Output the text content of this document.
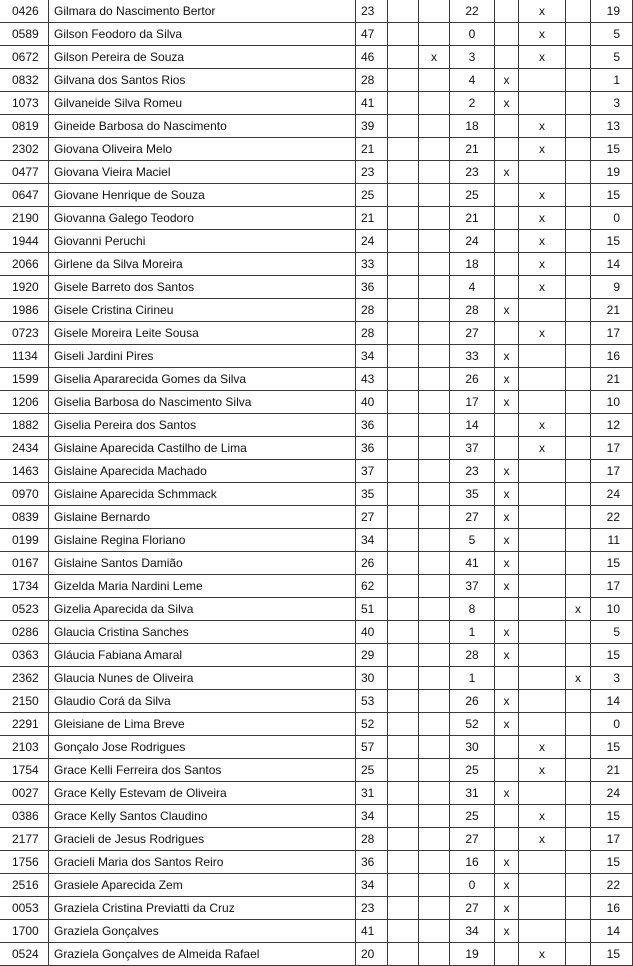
0426	Gilmara do Nascimento Bertor	23			22		x		19
0589	Gilson Feodoro da Silva	47			0		x		5
0672	Gilson Pereira de Souza	46		x	3		x		5
0832	Gilvana dos Santos Rios	28			4	x			1
1073	Gilvaneide Silva Romeu	41			2	x			3
0819	Gineide Barbosa do Nascimento	39			18		x		13
2302	Giovana Oliveira Melo	21			21		x		15
0477	Giovana Vieira Maciel	23			23	x			19
0647	Giovane Henrique de Souza	25			25		x		15
2190	Giovanna Galego Teodoro	21			21		x		0
1944	Giovanni Peruchi	24			24		x		15
2066	Girlene da Silva Moreira	33			18		x		14
1920	Gisele Barreto dos Santos	36			4		x		9
1986	Gisele Cristina Cirineu	28			28	x			21
0723	Gisele Moreira Leite Sousa	28			27		x		17
1134	Giseli Jardini Pires	34			33	x			16
1599	Giselia Apararecida Gomes da Silva	43			26	x			21
1206	Giselia Barbosa do Nascimento Silva	40			17	x			10
1882	Giselia Pereira dos Santos	36			14		x		12
2434	Gislaine Aparecida Castilho de Lima	36			37		x		17
1463	Gislaine Aparecida Machado	37			23	x			17
0970	Gislaine Aparecida Schmmack	35			35	x			24
0839	Gislaine Bernardo	27			27	x			22
0199	Gislaine Regina Floriano	34			5	x			11
0167	Gislaine Santos Damião	26			41	x			15
1734	Gizelda Maria Nardini Leme	62			37	x			17
0523	Gizelia Aparecida da Silva	51			8			x	10
0286	Glaucia Cristina Sanches	40			1	x			5
0363	Gláucia Fabiana Amaral	29			28	x			15
2362	Glaucia Nunes de Oliveira	30			1			x	3
2150	Glaudio Corá da Silva	53			26	x			14
2291	Gleisiane de Lima Breve	52			52	x			0
2103	Gonçalo Jose Rodrigues	57			30		x		15
1754	Grace Kelli Ferreira dos Santos	25			25		x		21
0027	Grace Kelly Estevam de Oliveira	31			31	x			24
0386	Grace Kelly Santos Claudino	34			25		x		15
2177	Gracieli de Jesus Rodrigues	28			27		x		17
1756	Gracieli Maria dos Santos Reiro	36			16	x			15
2516	Grasiele Aparecida Zem	34			0	x			22
0053	Graziela Cristina Previatti da Cruz	23			27	x			16
1700	Graziela Gonçalves	41			34	x			14
0524	Graziela Gonçalves de Almeida Rafael	20			19		x		15
